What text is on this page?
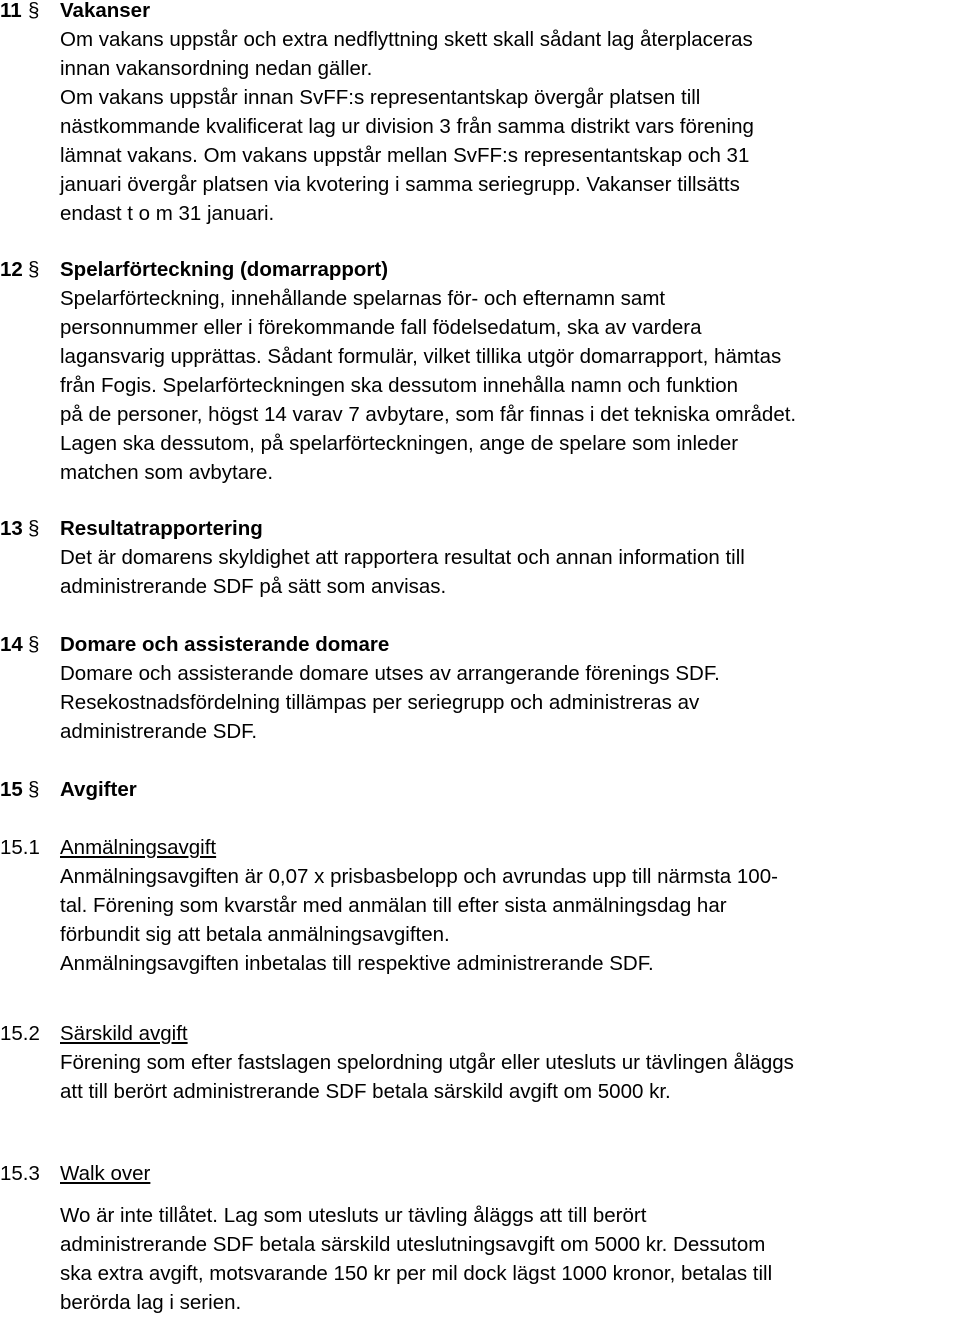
11 § Vakanser
Om vakans uppstår och extra nedflyttning skett skall sådant lag återplaceras
innan vakansordning nedan gäller.
Om vakans uppstår innan SvFF:s representantskap övergår platsen till
nästkommande kvalificerat lag ur division 3 från samma distrikt vars förening
lämnat vakans. Om vakans uppstår mellan SvFF:s representantskap och 31
januari övergår platsen via kvotering i samma seriegrupp. Vakanser tillsätts
endast t o m 31 januari.
12 § Spelarförteckning (domarrapport)
Spelarförteckning, innehållande spelarnas för- och efternamn samt
personnummer eller i förekommande fall födelsedatum, ska av vardera
lagansvarig upprättas. Sådant formulär, vilket tillika utgör domarrapport, hämtas
från Fogis. Spelarförteckningen ska dessutom innehålla namn och funktion
på de personer, högst 14 varav 7 avbytare, som får finnas i det tekniska området.
Lagen ska dessutom, på spelarförteckningen, ange de spelare som inleder
matchen som avbytare.
13 § Resultatrapportering
Det är domarens skyldighet att rapportera resultat och annan information till
administrerande SDF på sätt som anvisas.
14 § Domare och assisterande domare
Domare och assisterande domare utses av arrangerande förenings SDF.
Resekostnadsfördelning tillämpas per seriegrupp och administreras av
administrerande SDF.
15 § Avgifter
15.1 Anmälningsavgift
Anmälningsavgiften är 0,07 x prisbasbelopp och avrundas upp till närmsta 100-
tal. Förening som kvarstår med anmälan till efter sista anmälningsdag har
förbundit sig att betala anmälningsavgiften.
Anmälningsavgiften inbetalas till respektive administrerande SDF.
15.2 Särskild avgift
Förening som efter fastslagen spelordning utgår eller utesluts ur tävlingen åläggs
att till berört administrerande SDF betala särskild avgift om 5000 kr.
15.3 Walk over
Wo är inte tillåtet. Lag som utesluts ur tävling åläggs att till berört
administrerande SDF betala särskild uteslutningsavgift om 5000 kr. Dessutom
ska extra avgift, motsvarande 150 kr per mil dock lägst 1000 kronor, betalas till
berörda lag i serien.
